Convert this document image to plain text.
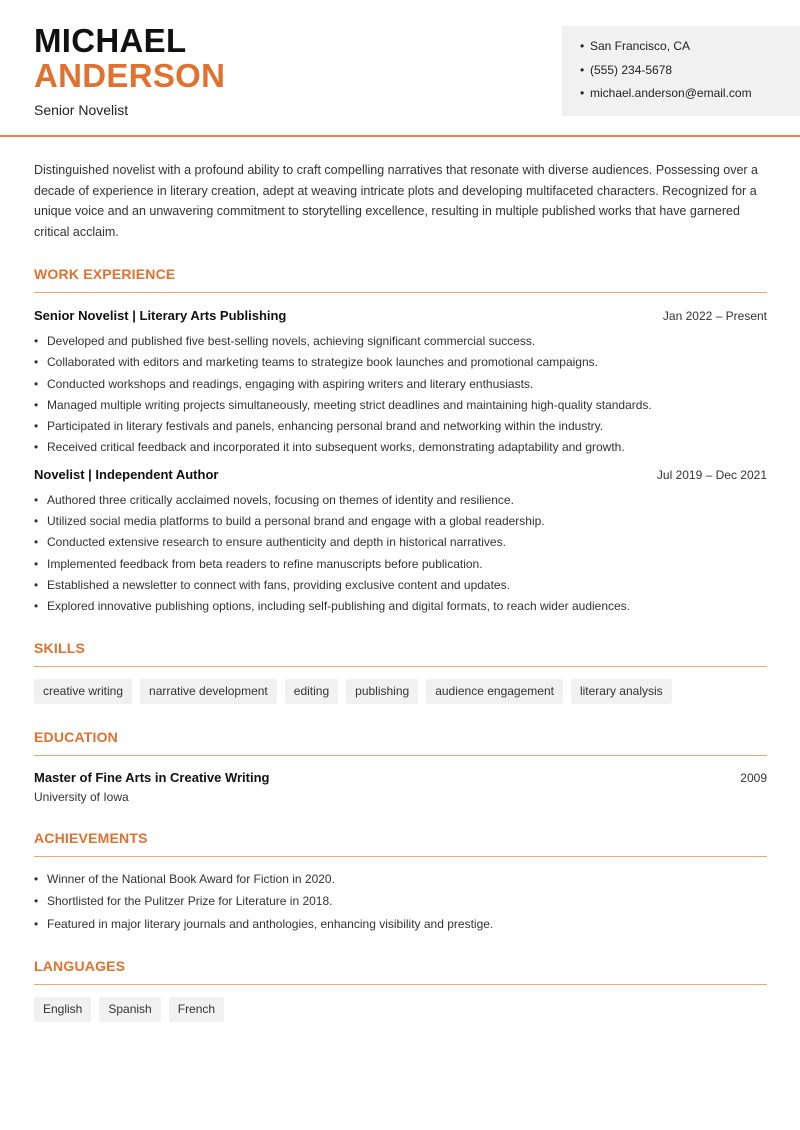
MICHAEL
ANDERSON
Senior Novelist
• San Francisco, CA
• (555) 234-5678
• michael.anderson@email.com

Distinguished novelist with a profound ability to craft compelling narratives that resonate with diverse audiences. Possessing over a decade of experience in literary creation, adept at weaving intricate plots and developing multifaceted characters. Recognized for a unique voice and an unwavering commitment to storytelling excellence, resulting in multiple published works that have garnered critical acclaim.

WORK EXPERIENCE
Senior Novelist | Literary Arts Publishing	Jan 2022 – Present
• Developed and published five best-selling novels, achieving significant commercial success.
• Collaborated with editors and marketing teams to strategize book launches and promotional campaigns.
• Conducted workshops and readings, engaging with aspiring writers and literary enthusiasts.
• Managed multiple writing projects simultaneously, meeting strict deadlines and maintaining high-quality standards.
• Participated in literary festivals and panels, enhancing personal brand and networking within the industry.
• Received critical feedback and incorporated it into subsequent works, demonstrating adaptability and growth.
Novelist | Independent Author	Jul 2019 – Dec 2021
• Authored three critically acclaimed novels, focusing on themes of identity and resilience.
• Utilized social media platforms to build a personal brand and engage with a global readership.
• Conducted extensive research to ensure authenticity and depth in historical narratives.
• Implemented feedback from beta readers to refine manuscripts before publication.
• Established a newsletter to connect with fans, providing exclusive content and updates.
• Explored innovative publishing options, including self-publishing and digital formats, to reach wider audiences.
SKILLS
creative writing	narrative development	editing	publishing	audience engagement	literary analysis
EDUCATION
Master of Fine Arts in Creative Writing	2009
University of Iowa
ACHIEVEMENTS
• Winner of the National Book Award for Fiction in 2020.
• Shortlisted for the Pulitzer Prize for Literature in 2018.
• Featured in major literary journals and anthologies, enhancing visibility and prestige.
LANGUAGES
English	Spanish	French
